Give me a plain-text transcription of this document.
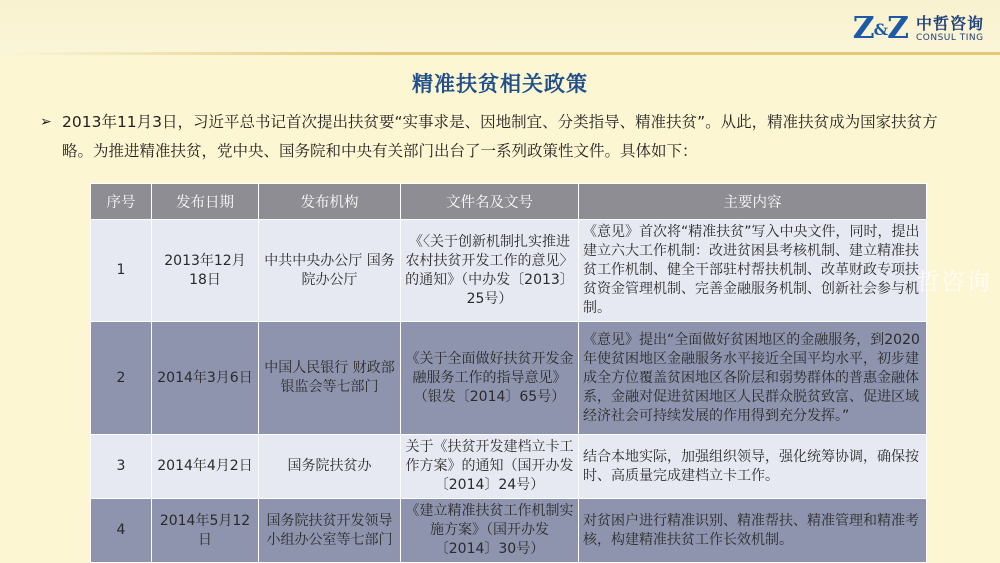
Z&Z 中哲咨询
CONSUL TING
精准扶贫相关政策
➢ 2013年11月3日，习近平总书记首次提出扶贫要“实事求是、因地制宜、分类指导、精准扶贫”。从此，精准扶贫成为国家扶贫方略。为推进精准扶贫，党中央、国务院和中央有关部门出台了一系列政策性文件。具体如下：
序号	发布日期	发布机构	文件名及文号	主要内容
1	2013年12月18日	中共中央办公厅 国务院办公厅	《〈关于创新机制扎实推进农村扶贫开发工作的意见〉的通知》（中办发〔2013〕25号）	《意见》首次将“精准扶贫”写入中央文件，同时，提出建立六大工作机制：改进贫困县考核机制、建立精准扶贫工作机制、健全干部驻村帮扶机制、改革财政专项扶贫资金管理机制、完善金融服务机制、创新社会参与机制。
2	2014年3月6日	中国人民银行 财政部 银监会等七部门	《关于全面做好扶贫开发金融服务工作的指导意见》（银发〔2014〕65号）	《意见》提出“全面做好贫困地区的金融服务，到2020年使贫困地区金融服务水平接近全国平均水平，初步建成全方位覆盖贫困地区各阶层和弱势群体的普惠金融体系，金融对促进贫困地区人民群众脱贫致富、促进区域经济社会可持续发展的作用得到充分发挥。”
3	2014年4月2日	国务院扶贫办	关于《扶贫开发建档立卡工作方案》的通知（国开办发〔2014〕24号）	结合本地实际，加强组织领导，强化统筹协调，确保按时、高质量完成建档立卡工作。
4	2014年5月12日	国务院扶贫开发领导小组办公室等七部门	《建立精准扶贫工作机制实施方案》（国开办发〔2014〕30号）	对贫困户进行精准识别、精准帮扶、精准管理和精准考核，构建精准扶贫工作长效机制。
哲咨询
